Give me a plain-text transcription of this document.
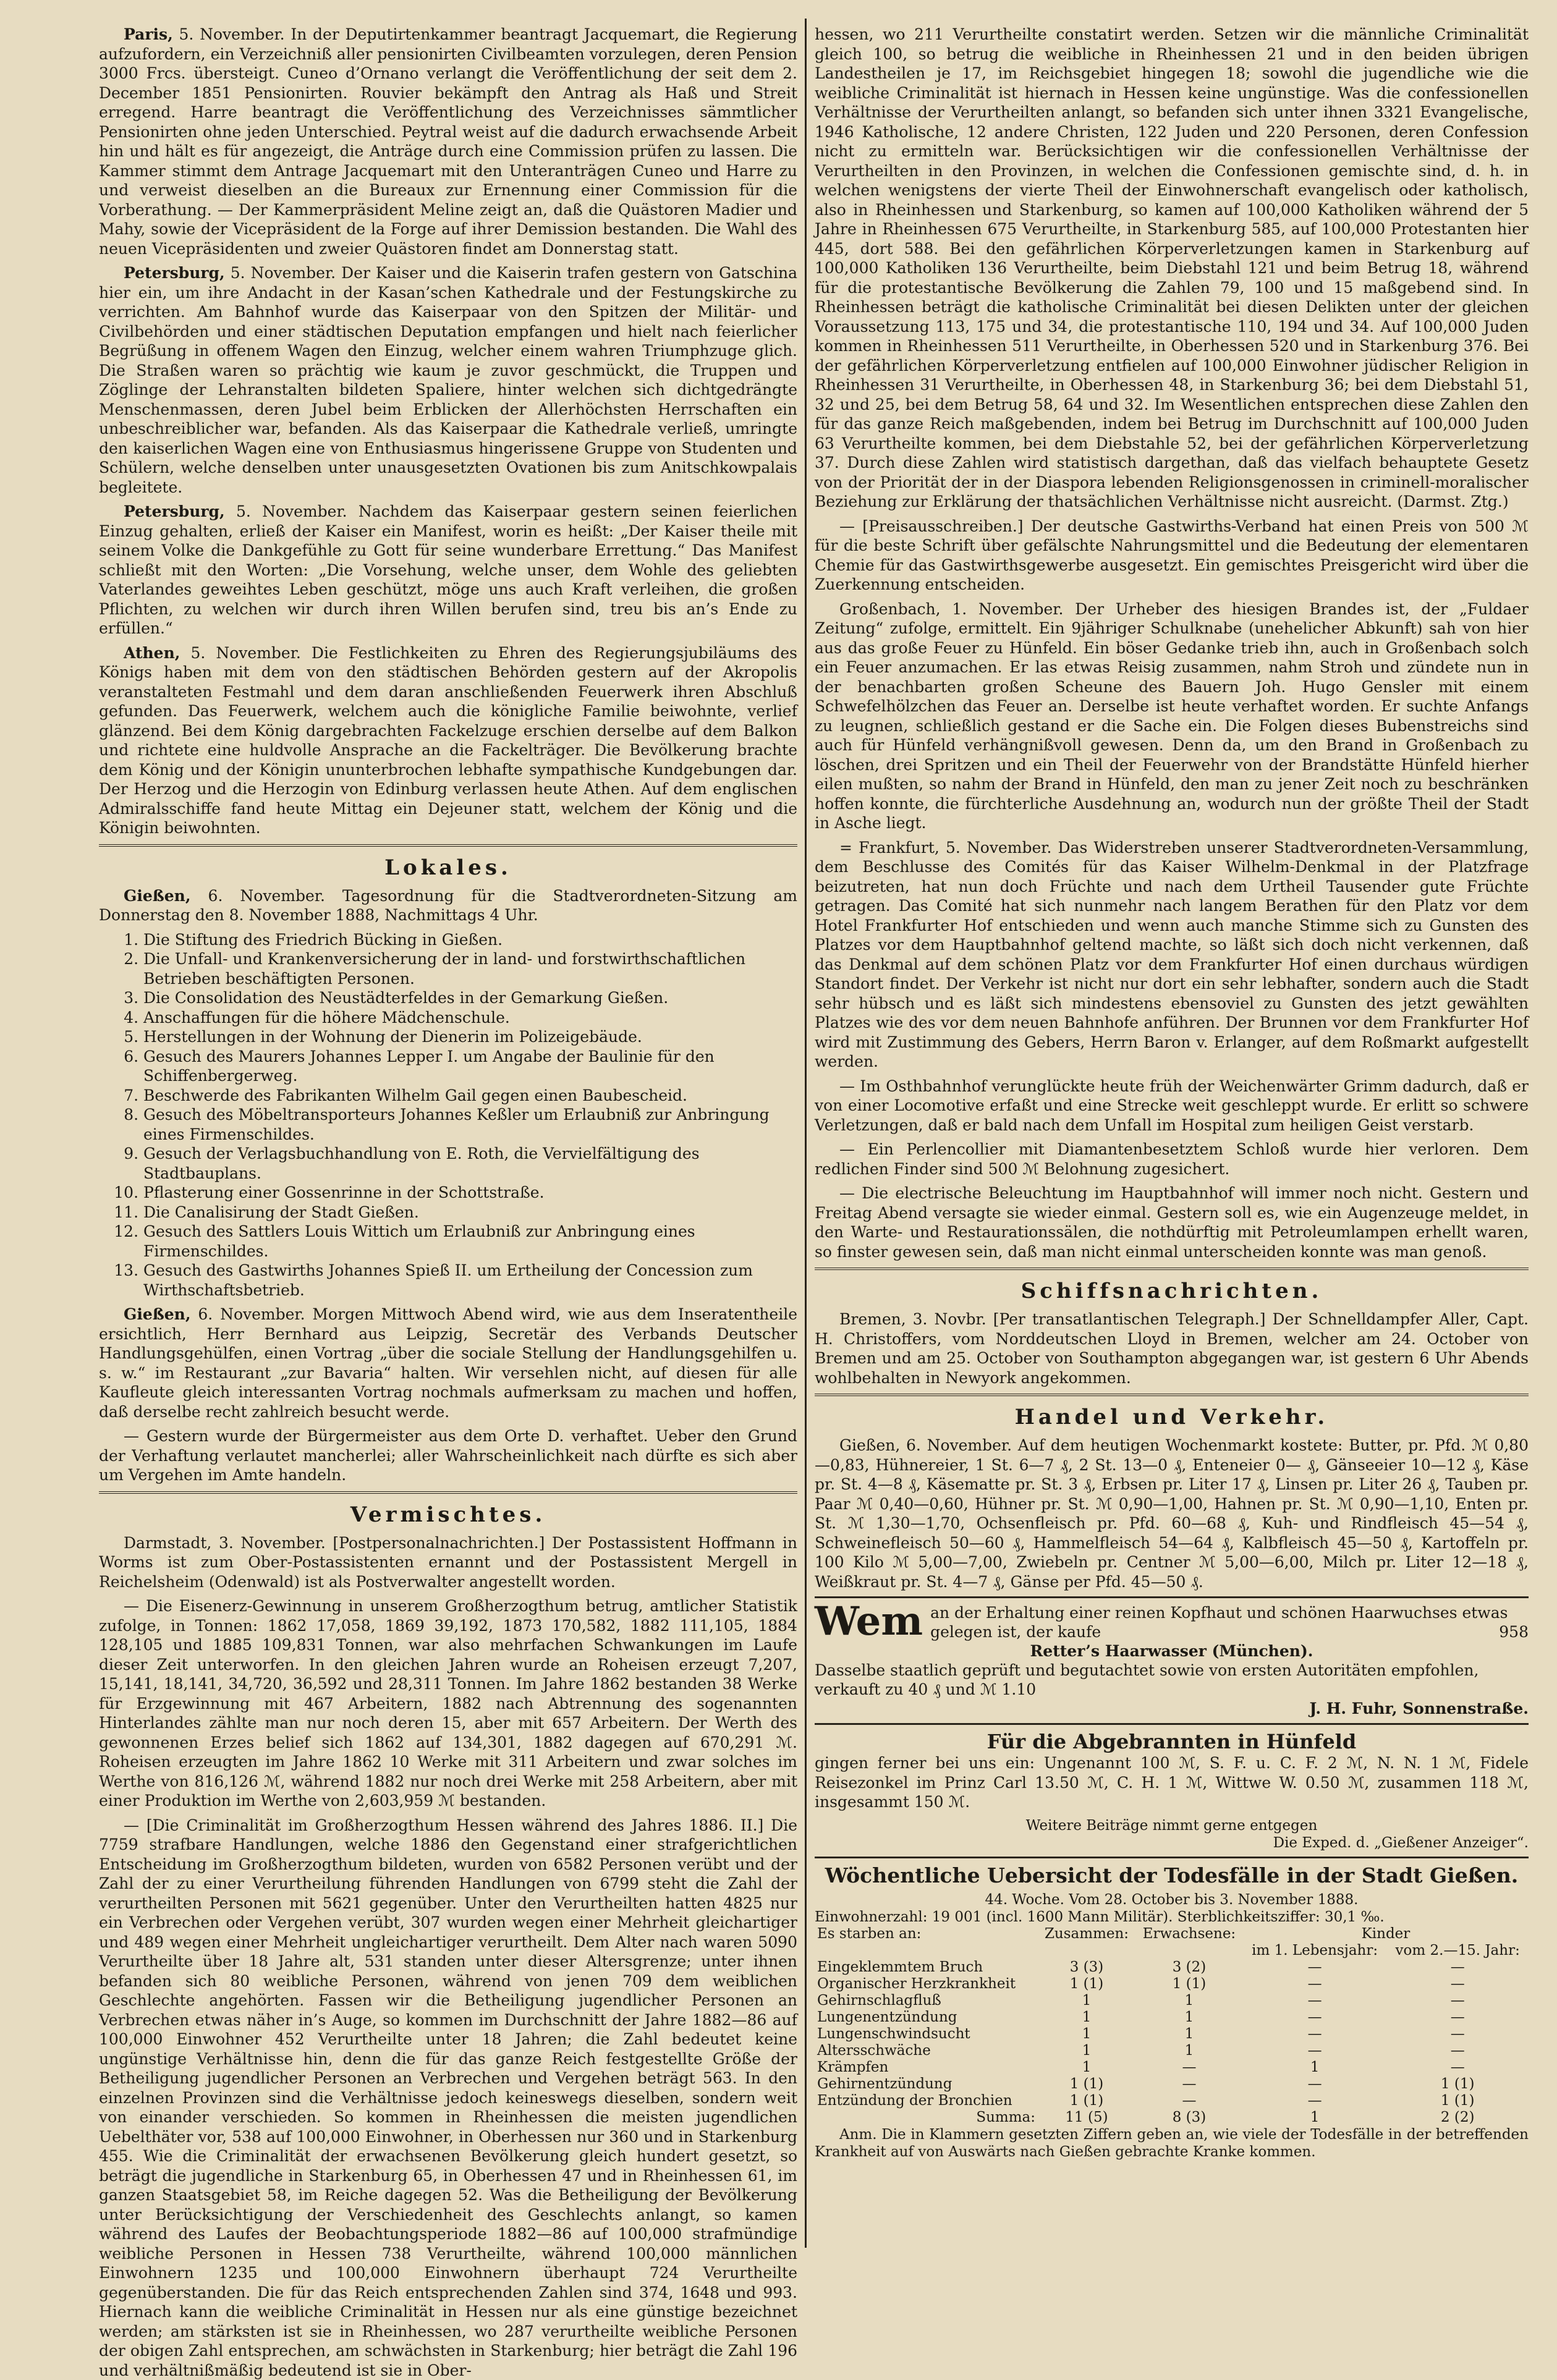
Paris, 5. November. In der Deputirtenkammer beantragt Jacquemart, die Regierung aufzufordern, ein Verzeichniß aller pensionirten Civilbeamten vorzulegen, deren Pension 3000 Frcs. übersteigt. Cuneo d’Ornano verlangt die Veröffentlichung der seit dem 2. December 1851 Pensionirten. Rouvier bekämpft den Antrag als Haß und Streit erregend. Harre beantragt die Veröffentlichung des Verzeichnisses sämmtlicher Pensionirten ohne jeden Unterschied. Peytral weist auf die dadurch erwachsende Arbeit hin und hält es für angezeigt, die Anträge durch eine Commission prüfen zu lassen. Die Kammer stimmt dem Antrage Jacquemart mit den Unteranträgen Cuneo und Harre zu und verweist dieselben an die Bureaux zur Ernennung einer Commission für die Vorberathung. — Der Kammerpräsident Meline zeigt an, daß die Quästoren Madier und Mahy, sowie der Vicepräsident de la Forge auf ihrer Demission bestanden. Die Wahl des neuen Vicepräsidenten und zweier Quästoren findet am Donnerstag statt.

Petersburg, 5. November. Der Kaiser und die Kaiserin trafen gestern von Gatschina hier ein, um ihre Andacht in der Kasan’schen Kathedrale und der Festungskirche zu verrichten. Am Bahnhof wurde das Kaiserpaar von den Spitzen der Militär- und Civilbehörden und einer städtischen Deputation empfangen und hielt nach feierlicher Begrüßung in offenem Wagen den Einzug, welcher einem wahren Triumphzuge glich. Die Straßen waren so prächtig wie kaum je zuvor geschmückt, die Truppen und Zöglinge der Lehranstalten bildeten Spaliere, hinter welchen sich dichtgedrängte Menschenmassen, deren Jubel beim Erblicken der Allerhöchsten Herrschaften ein unbeschreiblicher war, befanden. Als das Kaiserpaar die Kathedrale verließ, umringte den kaiserlichen Wagen eine von Enthusiasmus hingerissene Gruppe von Studenten und Schülern, welche denselben unter unausgesetzten Ovationen bis zum Anitschkowpalais begleitete.

Petersburg, 5. November. Nachdem das Kaiserpaar gestern seinen feierlichen Einzug gehalten, erließ der Kaiser ein Manifest, worin es heißt: „Der Kaiser theile mit seinem Volke die Dankgefühle zu Gott für seine wunderbare Errettung.“ Das Manifest schließt mit den Worten: „Die Vorsehung, welche unser, dem Wohle des geliebten Vaterlandes geweihtes Leben geschützt, möge uns auch Kraft verleihen, die großen Pflichten, zu welchen wir durch ihren Willen berufen sind, treu bis an’s Ende zu erfüllen.“

Athen, 5. November. Die Festlichkeiten zu Ehren des Regierungsjubiläums des Königs haben mit dem von den städtischen Behörden gestern auf der Akropolis veranstalteten Festmahl und dem daran anschließenden Feuerwerk ihren Abschluß gefunden. Das Feuerwerk, welchem auch die königliche Familie beiwohnte, verlief glänzend. Bei dem König dargebrachten Fackelzuge erschien derselbe auf dem Balkon und richtete eine huldvolle Ansprache an die Fackelträger. Die Bevölkerung brachte dem König und der Königin ununterbrochen lebhafte sympathische Kundgebungen dar. Der Herzog und die Herzogin von Edinburg verlassen heute Athen. Auf dem englischen Admiralsschiffe fand heute Mittag ein Dejeuner statt, welchem der König und die Königin beiwohnten.

Lokales.

Gießen, 6. November. Tagesordnung für die Stadtverordneten-Sitzung am Donnerstag den 8. November 1888, Nachmittags 4 Uhr.

1. Die Stiftung des Friedrich Bücking in Gießen.
2. Die Unfall- und Krankenversicherung der in land- und forstwirthschaftlichen Betrieben beschäftigten Personen.
3. Die Consolidation des Neustädterfeldes in der Gemarkung Gießen.
4. Anschaffungen für die höhere Mädchenschule.
5. Herstellungen in der Wohnung der Dienerin im Polizeigebäude.
6. Gesuch des Maurers Johannes Lepper I. um Angabe der Baulinie für den Schiffenbergerweg.
7. Beschwerde des Fabrikanten Wilhelm Gail gegen einen Baubescheid.
8. Gesuch des Möbeltransporteurs Johannes Keßler um Erlaubniß zur Anbringung eines Firmenschildes.
9. Gesuch der Verlagsbuchhandlung von E. Roth, die Vervielfältigung des Stadtbauplans.
10. Pflasterung einer Gossenrinne in der Schottstraße.
11. Die Canalisirung der Stadt Gießen.
12. Gesuch des Sattlers Louis Wittich um Erlaubniß zur Anbringung eines Firmenschildes.
13. Gesuch des Gastwirths Johannes Spieß II. um Ertheilung der Concession zum Wirthschaftsbetrieb.

Gießen, 6. November. Morgen Mittwoch Abend wird, wie aus dem Inseratentheile ersichtlich, Herr Bernhard aus Leipzig, Secretär des Verbands Deutscher Handlungsgehülfen, einen Vortrag „über die sociale Stellung der Handlungsgehilfen u. s. w.“ im Restaurant „zur Bavaria“ halten. Wir versehlen nicht, auf diesen für alle Kaufleute gleich interessanten Vortrag nochmals aufmerksam zu machen und hoffen, daß derselbe recht zahlreich besucht werde.

— Gestern wurde der Bürgermeister aus dem Orte D. verhaftet. Ueber den Grund der Verhaftung verlautet mancherlei; aller Wahrscheinlichkeit nach dürfte es sich aber um Vergehen im Amte handeln.

Vermischtes.

Darmstadt, 3. November. [Postpersonalnachrichten.] Der Postassistent Hoffmann in Worms ist zum Ober-Postassistenten ernannt und der Postassistent Mergell in Reichelsheim (Odenwald) ist als Postverwalter angestellt worden.

— Die Eisenerz-Gewinnung in unserem Großherzogthum betrug, amtlicher Statistik zufolge, in Tonnen: 1862 17,058, 1869 39,192, 1873 170,582, 1882 111,105, 1884 128,105 und 1885 109,831 Tonnen, war also mehrfachen Schwankungen im Laufe dieser Zeit unterworfen. In den gleichen Jahren wurde an Roheisen erzeugt 7,207, 15,141, 18,141, 34,720, 36,592 und 28,311 Tonnen. Im Jahre 1862 bestanden 38 Werke für Erzgewinnung mit 467 Arbeitern, 1882 nach Abtrennung des sogenannten Hinterlandes zählte man nur noch deren 15, aber mit 657 Arbeitern. Der Werth des gewonnenen Erzes belief sich 1862 auf 134,301, 1882 dagegen auf 670,291 ℳ. Roheisen erzeugten im Jahre 1862 10 Werke mit 311 Arbeitern und zwar solches im Werthe von 816,126 ℳ, während 1882 nur noch drei Werke mit 258 Arbeitern, aber mit einer Produktion im Werthe von 2,603,959 ℳ bestanden.

— [Die Criminalität im Großherzogthum Hessen während des Jahres 1886. II.] Die 7759 strafbare Handlungen, welche 1886 den Gegenstand einer strafgerichtlichen Entscheidung im Großherzogthum bildeten, wurden von 6582 Personen verübt und der Zahl der zu einer Verurtheilung führenden Handlungen von 6799 steht die Zahl der verurtheilten Personen mit 5621 gegenüber. Unter den Verurtheilten hatten 4825 nur ein Verbrechen oder Vergehen verübt, 307 wurden wegen einer Mehrheit gleichartiger und 489 wegen einer Mehrheit ungleichartiger verurtheilt. Dem Alter nach waren 5090 Verurtheilte über 18 Jahre alt, 531 standen unter dieser Altersgrenze; unter ihnen befanden sich 80 weibliche Personen, während von jenen 709 dem weiblichen Geschlechte angehörten. Fassen wir die Betheiligung jugendlicher Personen an Verbrechen etwas näher in’s Auge, so kommen im Durchschnitt der Jahre 1882—86 auf 100,000 Einwohner 452 Verurtheilte unter 18 Jahren; die Zahl bedeutet keine ungünstige Verhältnisse hin, denn die für das ganze Reich festgestellte Größe der Betheiligung jugendlicher Personen an Verbrechen und Vergehen beträgt 563. In den einzelnen Provinzen sind die Verhältnisse jedoch keineswegs dieselben, sondern weit von einander verschieden. So kommen in Rheinhessen die meisten jugendlichen Uebelthäter vor, 538 auf 100,000 Einwohner, in Oberhessen nur 360 und in Starkenburg 455. Wie die Criminalität der erwachsenen Bevölkerung gleich hundert gesetzt, so beträgt die jugendliche in Starkenburg 65, in Oberhessen 47 und in Rheinhessen 61, im ganzen Staatsgebiet 58, im Reiche dagegen 52. Was die Betheiligung der Bevölkerung unter Berücksichtigung der Verschiedenheit des Geschlechts anlangt, so kamen während des Laufes der Beobachtungsperiode 1882—86 auf 100,000 strafmündige weibliche Personen in Hessen 738 Verurtheilte, während 100,000 männlichen Einwohnern 1235 und 100,000 Einwohnern überhaupt 724 Verurtheilte gegenüberstanden. Die für das Reich entsprechenden Zahlen sind 374, 1648 und 993. Hiernach kann die weibliche Criminalität in Hessen nur als eine günstige bezeichnet werden; am stärksten ist sie in Rheinhessen, wo 287 verurtheilte weibliche Personen der obigen Zahl entsprechen, am schwächsten in Starkenburg; hier beträgt die Zahl 196 und verhältnißmäßig bedeutend ist sie in Ober-

hessen, wo 211 Verurtheilte constatirt werden. Setzen wir die männliche Criminalität gleich 100, so betrug die weibliche in Rheinhessen 21 und in den beiden übrigen Landestheilen je 17, im Reichsgebiet hingegen 18; sowohl die jugendliche wie die weibliche Criminalität ist hiernach in Hessen keine ungünstige. Was die confessionellen Verhältnisse der Verurtheilten anlangt, so befanden sich unter ihnen 3321 Evangelische, 1946 Katholische, 12 andere Christen, 122 Juden und 220 Personen, deren Confession nicht zu ermitteln war. Berücksichtigen wir die confessionellen Verhältnisse der Verurtheilten in den Provinzen, in welchen die Confessionen gemischte sind, d. h. in welchen wenigstens der vierte Theil der Einwohnerschaft evangelisch oder katholisch, also in Rheinhessen und Starkenburg, so kamen auf 100,000 Katholiken während der 5 Jahre in Rheinhessen 675 Verurtheilte, in Starkenburg 585, auf 100,000 Protestanten hier 445, dort 588. Bei den gefährlichen Körperverletzungen kamen in Starkenburg auf 100,000 Katholiken 136 Verurtheilte, beim Diebstahl 121 und beim Betrug 18, während für die protestantische Bevölkerung die Zahlen 79, 100 und 15 maßgebend sind. In Rheinhessen beträgt die katholische Criminalität bei diesen Delikten unter der gleichen Voraussetzung 113, 175 und 34, die protestantische 110, 194 und 34. Auf 100,000 Juden kommen in Rheinhessen 511 Verurtheilte, in Oberhessen 520 und in Starkenburg 376. Bei der gefährlichen Körperverletzung entfielen auf 100,000 Einwohner jüdischer Religion in Rheinhessen 31 Verurtheilte, in Oberhessen 48, in Starkenburg 36; bei dem Diebstahl 51, 32 und 25, bei dem Betrug 58, 64 und 32. Im Wesentlichen entsprechen diese Zahlen den für das ganze Reich maßgebenden, indem bei Betrug im Durchschnitt auf 100,000 Juden 63 Verurtheilte kommen, bei dem Diebstahle 52, bei der gefährlichen Körperverletzung 37. Durch diese Zahlen wird statistisch dargethan, daß das vielfach behauptete Gesetz von der Priorität der in der Diaspora lebenden Religionsgenossen in criminell-moralischer Beziehung zur Erklärung der thatsächlichen Verhältnisse nicht ausreicht. (Darmst. Ztg.)

— [Preisausschreiben.] Der deutsche Gastwirths-Verband hat einen Preis von 500 ℳ für die beste Schrift über gefälschte Nahrungsmittel und die Bedeutung der elementaren Chemie für das Gastwirthsgewerbe ausgesetzt. Ein gemischtes Preisgericht wird über die Zuerkennung entscheiden.

Großenbach, 1. November. Der Urheber des hiesigen Brandes ist, der „Fuldaer Zeitung“ zufolge, ermittelt. Ein 9jähriger Schulknabe (unehelicher Abkunft) sah von hier aus das große Feuer zu Hünfeld. Ein böser Gedanke trieb ihn, auch in Großenbach solch ein Feuer anzumachen. Er las etwas Reisig zusammen, nahm Stroh und zündete nun in der benachbarten großen Scheune des Bauern Joh. Hugo Gensler mit einem Schwefelhölzchen das Feuer an. Derselbe ist heute verhaftet worden. Er suchte Anfangs zu leugnen, schließlich gestand er die Sache ein. Die Folgen dieses Bubenstreichs sind auch für Hünfeld verhängnißvoll gewesen. Denn da, um den Brand in Großenbach zu löschen, drei Spritzen und ein Theil der Feuerwehr von der Brandstätte Hünfeld hierher eilen mußten, so nahm der Brand in Hünfeld, den man zu jener Zeit noch zu beschränken hoffen konnte, die fürchterliche Ausdehnung an, wodurch nun der größte Theil der Stadt in Asche liegt.

= Frankfurt, 5. November. Das Widerstreben unserer Stadtverordneten-Versammlung, dem Beschlusse des Comités für das Kaiser Wilhelm-Denkmal in der Platzfrage beizutreten, hat nun doch Früchte und nach dem Urtheil Tausender gute Früchte getragen. Das Comité hat sich nunmehr nach langem Berathen für den Platz vor dem Hotel Frankfurter Hof entschieden und wenn auch manche Stimme sich zu Gunsten des Platzes vor dem Hauptbahnhof geltend machte, so läßt sich doch nicht verkennen, daß das Denkmal auf dem schönen Platz vor dem Frankfurter Hof einen durchaus würdigen Standort findet. Der Verkehr ist nicht nur dort ein sehr lebhafter, sondern auch die Stadt sehr hübsch und es läßt sich mindestens ebensoviel zu Gunsten des jetzt gewählten Platzes wie des vor dem neuen Bahnhofe anführen. Der Brunnen vor dem Frankfurter Hof wird mit Zustimmung des Gebers, Herrn Baron v. Erlanger, auf dem Roßmarkt aufgestellt werden.

— Im Osthbahnhof verunglückte heute früh der Weichenwärter Grimm dadurch, daß er von einer Locomotive erfaßt und eine Strecke weit geschleppt wurde. Er erlitt so schwere Verletzungen, daß er bald nach dem Unfall im Hospital zum heiligen Geist verstarb.

— Ein Perlencollier mit Diamantenbesetztem Schloß wurde hier verloren. Dem redlichen Finder sind 500 ℳ Belohnung zugesichert.

— Die electrische Beleuchtung im Hauptbahnhof will immer noch nicht. Gestern und Freitag Abend versagte sie wieder einmal. Gestern soll es, wie ein Augenzeuge meldet, in den Warte- und Restaurationssälen, die nothdürftig mit Petroleumlampen erhellt waren, so finster gewesen sein, daß man nicht einmal unterscheiden konnte was man genoß.

Schiffsnachrichten.

Bremen, 3. Novbr. [Per transatlantischen Telegraph.] Der Schnelldampfer Aller, Capt. H. Christoffers, vom Norddeutschen Lloyd in Bremen, welcher am 24. October von Bremen und am 25. October von Southampton abgegangen war, ist gestern 6 Uhr Abends wohlbehalten in Newyork angekommen.

Handel und Verkehr.

Gießen, 6. November. Auf dem heutigen Wochenmarkt kostete: Butter, pr. Pfd. ℳ 0,80—0,83, Hühnereier, 1 St. 6—7 ₰, 2 St. 13—0 ₰, Enteneier 0— ₰, Gänseeier 10—12 ₰, Käse pr. St. 4—8 ₰, Käsematte pr. St. 3 ₰, Erbsen pr. Liter 17 ₰, Linsen pr. Liter 26 ₰, Tauben pr. Paar ℳ 0,40—0,60, Hühner pr. St. ℳ 0,90—1,00, Hahnen pr. St. ℳ 0,90—1,10, Enten pr. St. ℳ 1,30—1,70, Ochsenfleisch pr. Pfd. 60—68 ₰, Kuh- und Rindfleisch 45—54 ₰, Schweinefleisch 50—60 ₰, Hammelfleisch 54—64 ₰, Kalbfleisch 45—50 ₰, Kartoffeln pr. 100 Kilo ℳ 5,00—7,00, Zwiebeln pr. Centner ℳ 5,00—6,00, Milch pr. Liter 12—18 ₰, Weißkraut pr. St. 4—7 ₰, Gänse per Pfd. 45—50 ₰.

Wem an der Erhaltung einer reinen Kopfhaut und schönen Haarwuchses etwas gelegen ist, der kaufe	958
Retter’s Haarwasser (München).
Dasselbe staatlich geprüft und begutachtet sowie von ersten Autoritäten empfohlen, verkauft zu 40 ₰ und ℳ 1.10
J. H. Fuhr, Sonnenstraße.
Für die Abgebrannten in Hünfeld

gingen ferner bei uns ein: Ungenannt 100 ℳ, S. F. u. C. F. 2 ℳ, N. N. 1 ℳ, Fidele Reisezonkel im Prinz Carl 13.50 ℳ, C. H. 1 ℳ, Wittwe W. 0.50 ℳ, zusammen 118 ℳ, insgesammt 150 ℳ.

Weitere Beiträge nimmt gerne entgegen
Die Exped. d. „Gießener Anzeiger“.
Wöchentliche Uebersicht der Todesfälle in der Stadt Gießen.
44. Woche. Vom 28. October bis 3. November 1888.
Einwohnerzahl: 19 001 (incl. 1600 Mann Militär). Sterblichkeitsziffer: 30,1 ‰.
Es starben an:	Zusammen:	Erwachsene:	Kinder	
			im 1. Lebensjahr:	vom 2.—15. Jahr:
Eingeklemmtem Bruch	3 (3)	3 (2)	—	—
Organischer Herzkrankheit	1 (1)	1 (1)	—	—
Gehirnschlagfluß	1	1	—	—
Lungenentzündung	1	1	—	—
Lungenschwindsucht	1	1	—	—
Altersschwäche	1	1	—	—
Krämpfen	1	—	1	—
Gehirnentzündung	1 (1)	—	—	1 (1)
Entzündung der Bronchien	1 (1)	—	—	1 (1)
Summa:	11 (5)	8 (3)	1	2 (2)

Anm. Die in Klammern gesetzten Ziffern geben an, wie viele der Todesfälle in der betreffenden Krankheit auf von Auswärts nach Gießen gebrachte Kranke kommen.
